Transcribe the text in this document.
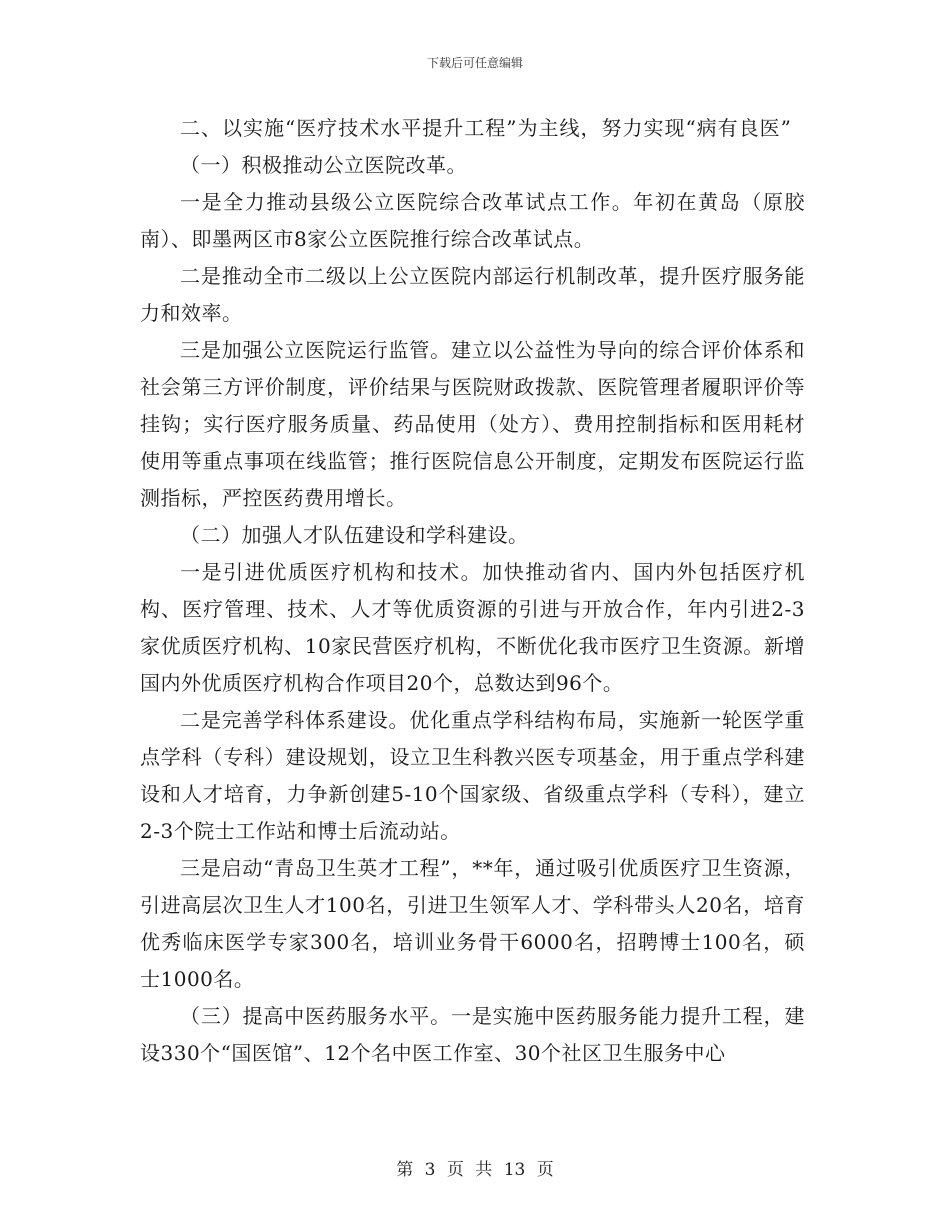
下载后可任意编辑

二、以实施“医疗技术水平提升工程”为主线，努力实现“病有良医”

（一）积极推动公立医院改革。

一是全力推动县级公立医院综合改革试点工作。年初在黄岛（原胶南）、即墨两区市8家公立医院推行综合改革试点。

二是推动全市二级以上公立医院内部运行机制改革，提升医疗服务能力和效率。

三是加强公立医院运行监管。建立以公益性为导向的综合评价体系和社会第三方评价制度，评价结果与医院财政拨款、医院管理者履职评价等挂钩；实行医疗服务质量、药品使用（处方）、费用控制指标和医用耗材使用等重点事项在线监管；推行医院信息公开制度，定期发布医院运行监测指标，严控医药费用增长。

（二）加强人才队伍建设和学科建设。

一是引进优质医疗机构和技术。加快推动省内、国内外包括医疗机构、医疗管理、技术、人才等优质资源的引进与开放合作，年内引进2-3家优质医疗机构、10家民营医疗机构，不断优化我市医疗卫生资源。新增国内外优质医疗机构合作项目20个，总数达到96个。

二是完善学科体系建设。优化重点学科结构布局，实施新一轮医学重点学科（专科）建设规划，设立卫生科教兴医专项基金，用于重点学科建设和人才培育，力争新创建5-10个国家级、省级重点学科（专科），建立2-3个院士工作站和博士后流动站。

三是启动“青岛卫生英才工程”，**年，通过吸引优质医疗卫生资源，引进高层次卫生人才100名，引进卫生领军人才、学科带头人20名，培育优秀临床医学专家300名，培训业务骨干6000名，招聘博士100名，硕士1000名。

（三）提高中医药服务水平。一是实施中医药服务能力提升工程，建设330个“国医馆”、12个名中医工作室、30个社区卫生服务中心

第 3 页 共 13 页
